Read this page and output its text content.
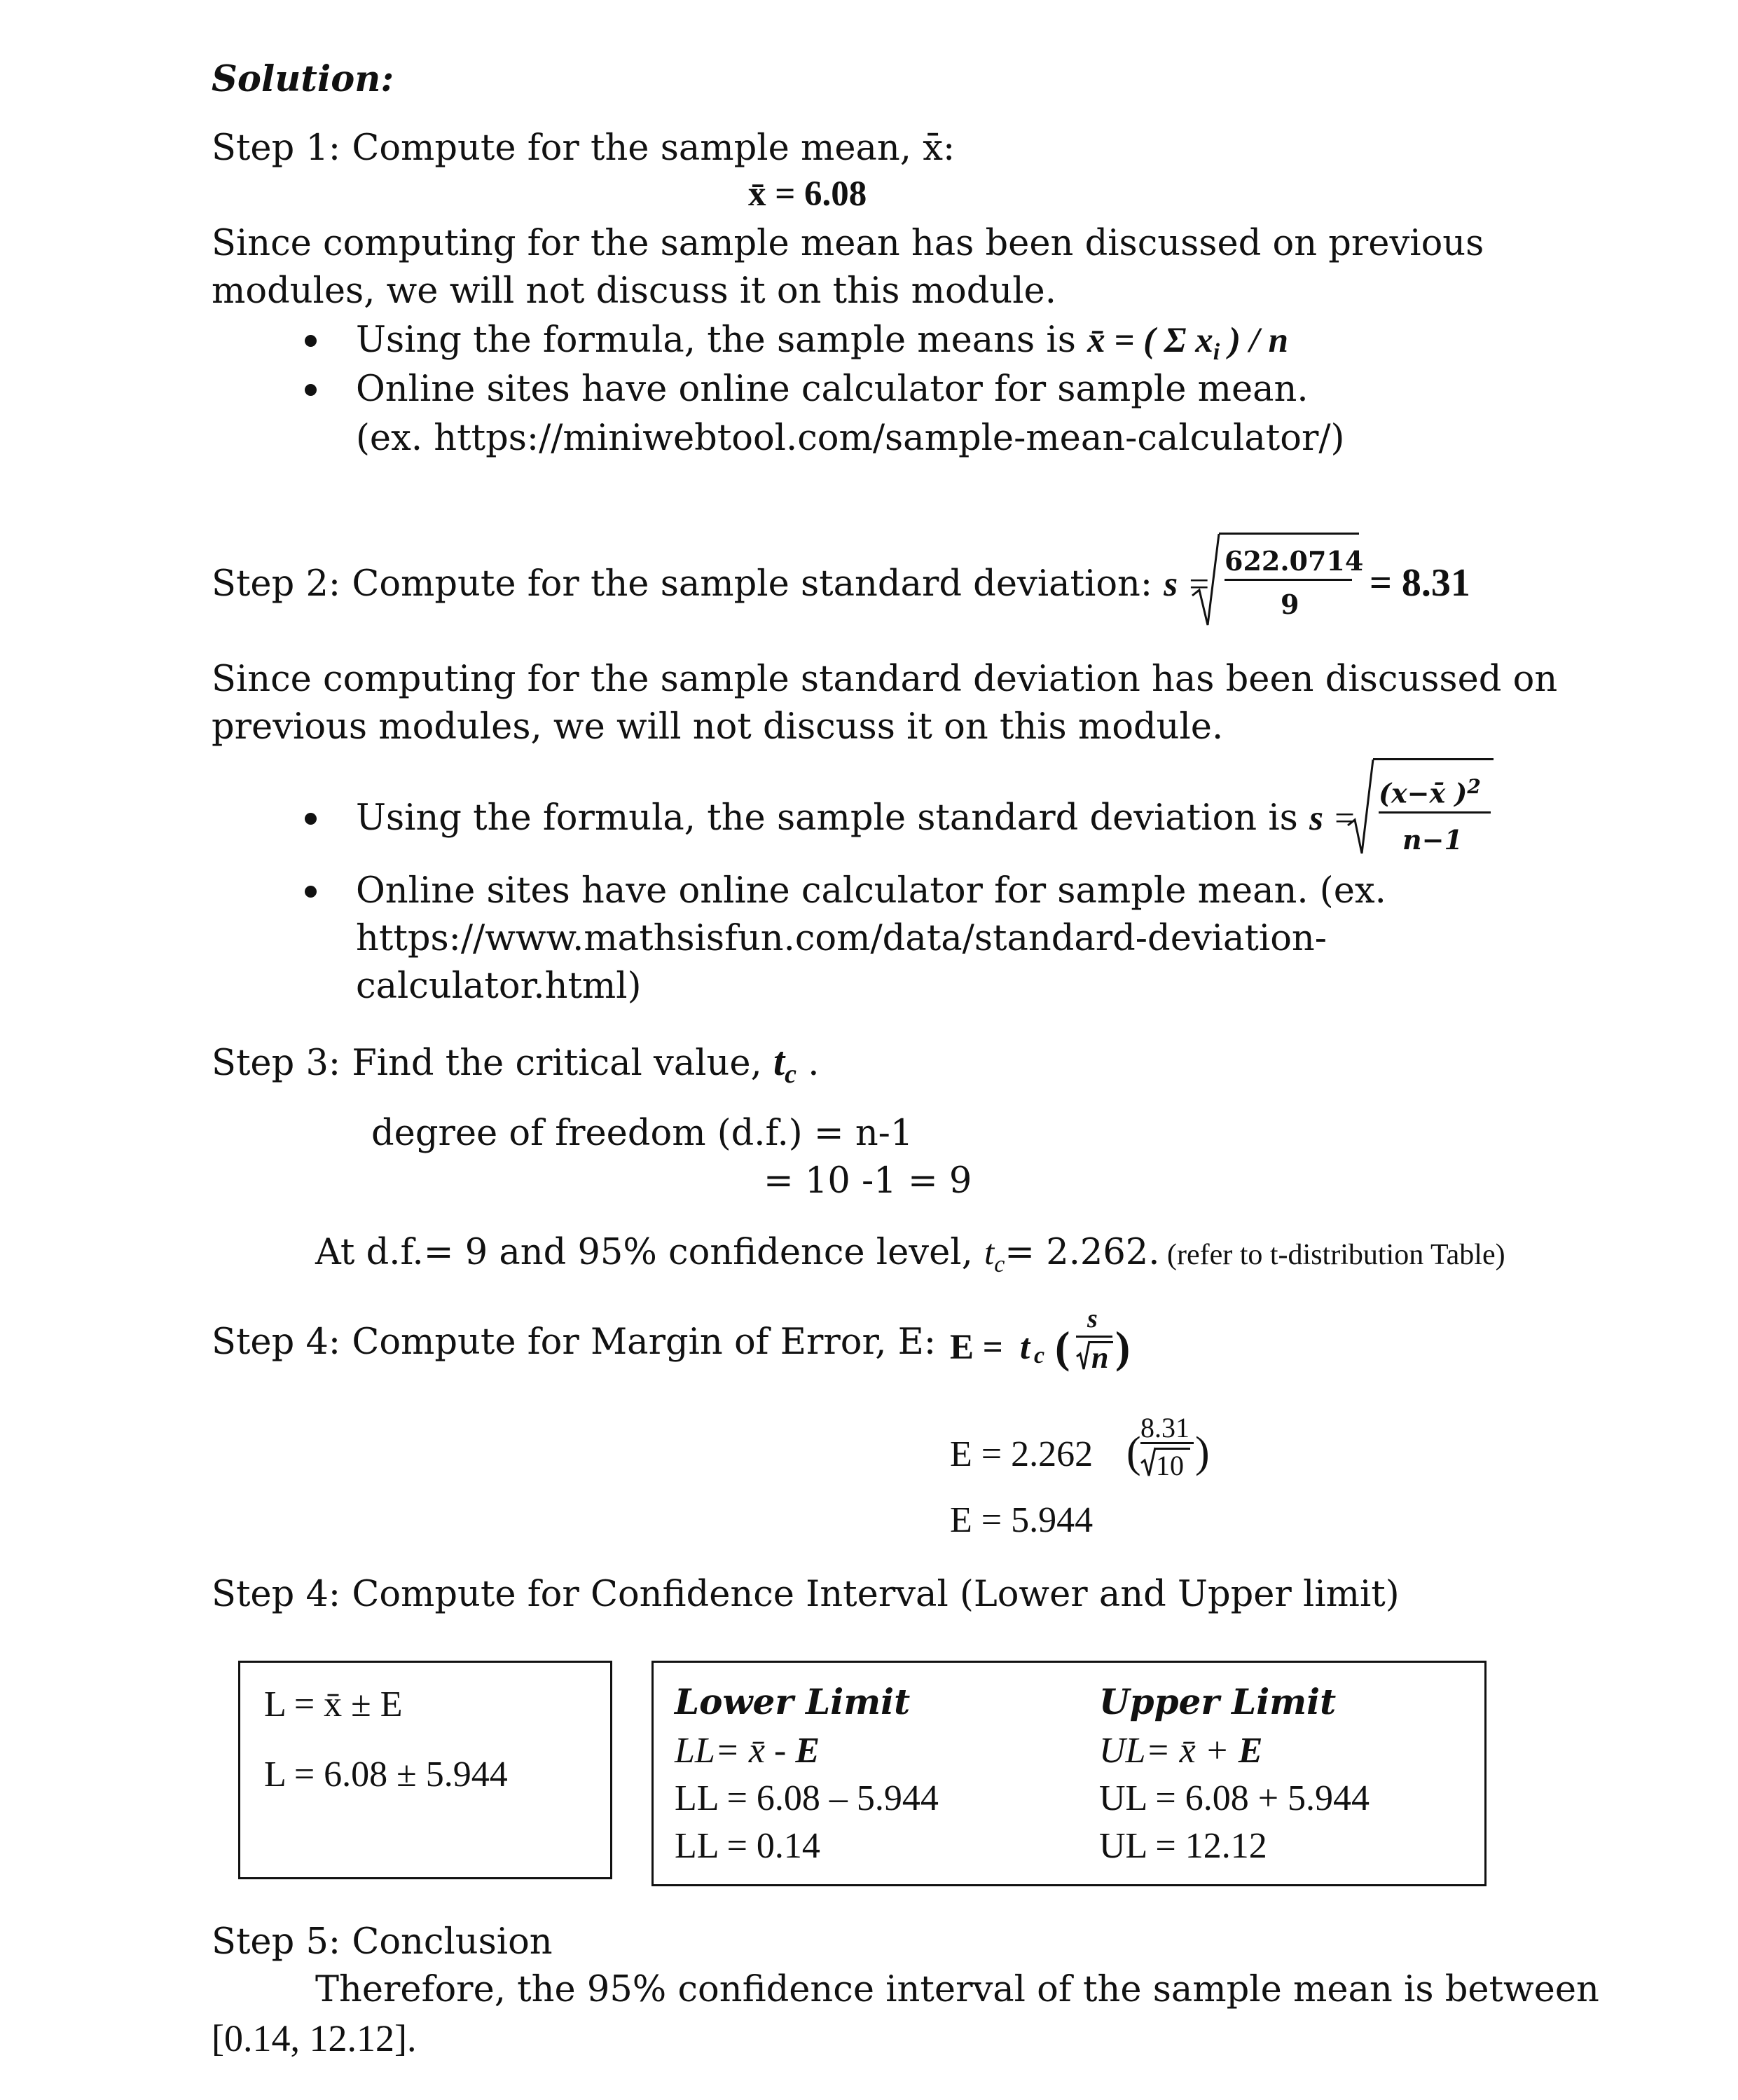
Solution:
Step 1: Compute for the sample mean, x̄:
x̄ = 6.08
Since computing for the sample mean has been discussed on previous
modules, we will not discuss it on this module.
Using the formula, the sample means is x̄ = ( Σ $x_i$ ) / n
Online sites have online calculator for sample mean.
(ex. https://miniwebtool.com/sample-mean-calculator/)
Step 2: Compute for the sample standard deviation: s =
622.0714
9 = 8.31
Since computing for the sample standard deviation has been discussed on
previous modules, we will not discuss it on this module.
Using the formula, the sample standard deviation is s =
(x−x̄ )$^2$
n−1
Online sites have online calculator for sample mean. (ex.
https://www.mathsisfun.com/data/standard-deviation-
calculator.html)
Step 3: Find the critical value, $t_c$ .
degree of freedom (d.f.) = n-1
= 10 -1 = 9
At d.f.= 9 and 95% confidence level, $t_c= 2.262$. (refer to t-distribution Table)
Step 4: Compute for Margin of Error, E: E = t c (
s
n )
E = 2.262 (
8.31
10 )
E = 5.944
Step 4: Compute for Confidence Interval (Lower and Upper limit)
L = x̄ ± E
L = 6.08 ± 5.944
Lower Limit
LL= x̄ - E
LL = 6.08 – 5.944
LL = 0.14
Upper Limit
UL= x̄ + E
UL = 6.08 + 5.944
UL = 12.12
Step 5: Conclusion
Therefore, the 95% confidence interval of the sample mean is between
[0.14, 12.12].
